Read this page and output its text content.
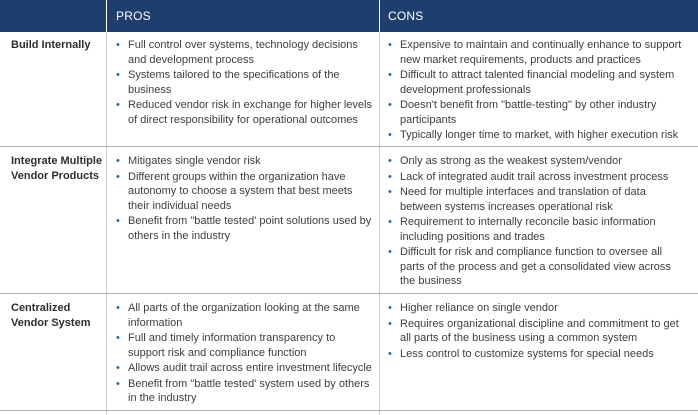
PROS	CONS
Build Internally	• Full control over systems, technology decisions and development process
• Systems tailored to the specifications of the business
• Reduced vendor risk in exchange for higher levels of direct responsibility for operational outcomes
• Expensive to maintain and continually enhance to support new market requirements, products and practices
• Difficult to attract talented financial modeling and system development professionals
• Doesn't benefit from "battle-testing" by other industry participants
• Typically longer time to market, with higher execution risk
Integrate Multiple Vendor Products
• Mitigates single vendor risk
• Different groups within the organization have autonomy to choose a system that best meets their individual needs
• Benefit from "battle tested' point solutions used by others in the industry
• Only as strong as the weakest system/vendor
• Lack of integrated audit trail across investment process
• Need for multiple interfaces and translation of data between systems increases operational risk
• Requirement to internally reconcile basic information including positions and trades
• Difficult for risk and compliance function to oversee all parts of the process and get a consolidated view across the business
Centralized Vendor System
• All parts of the organization looking at the same information
• Full and timely information transparency to support risk and compliance function
• Allows audit trail across entire investment lifecycle
• Benefit from "battle tested' system used by others in the industry
• Higher reliance on single vendor
• Requires organizational discipline and commitment to get all parts of the business using a common system
• Less control to customize systems for special needs
